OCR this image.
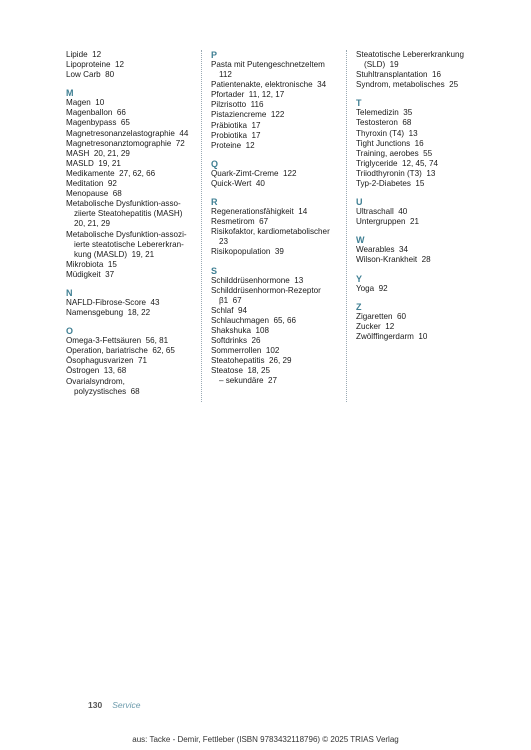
Lipide  12
Lipoproteine  12
Low Carb  80
M
Magen  10
Magenballon  66
Magenbypass  65
Magnetresonanzelastographie  44
Magnetresonanztomographie  72
MASH  20, 21, 29
MASLD  19, 21
Medikamente  27, 62, 66
Meditation  92
Menopause  68
Metabolische Dysfunktion-asso-
ziierte Steatohepatitis (MASH)
20, 21, 29
Metabolische Dysfunktion-assozi-
ierte steatotische Lebererkran-
kung (MASLD)  19, 21
Mikrobiota  15
Müdigkeit  37
N
NAFLD-Fibrose-Score  43
Namensgebung  18, 22
O
Omega-3-Fettsäuren  56, 81
Operation, bariatrische  62, 65
Ösophagusvarizen  71
Östrogen  13, 68
Ovarialsyndrom,
polyzystisches  68
P
Pasta mit Putengeschnetzeltem
112
Patientenakte, elektronische  34
Pfortader  11, 12, 17
Pilzrisotto  116
Pistaziencreme  122
Präbiotika  17
Probiotika  17
Proteine  12
Q
Quark-Zimt-Creme  122
Quick-Wert  40
R
Regenerationsfähigkeit  14
Resmetirom  67
Risikofaktor, kardiometabolischer
23
Risikopopulation  39
S
Schilddrüsenhormone  13
Schilddrüsenhormon-Rezeptor
β1  67
Schlaf  94
Schlauchmagen  65, 66
Shakshuka  108
Softdrinks  26
Sommerrollen  102
Steatohepatitis  26, 29
Steatose  18, 25
– sekundäre  27
Steatotische Lebererkrankung
(SLD)  19
Stuhltransplantation  16
Syndrom, metabolisches  25
T
Telemedizin  35
Testosteron  68
Thyroxin (T4)  13
Tight Junctions  16
Training, aerobes  55
Triglyceride  12, 45, 74
Triiodthyronin (T3)  13
Typ-2-Diabetes  15
U
Ultraschall  40
Untergruppen  21
W
Wearables  34
Wilson-Krankheit  28
Y
Yoga  92
Z
Zigaretten  60
Zucker  12
Zwölffingerdarm  10
130 Service
aus: Tacke - Demir, Fettleber (ISBN 9783432118796) © 2025 TRIAS Verlag
